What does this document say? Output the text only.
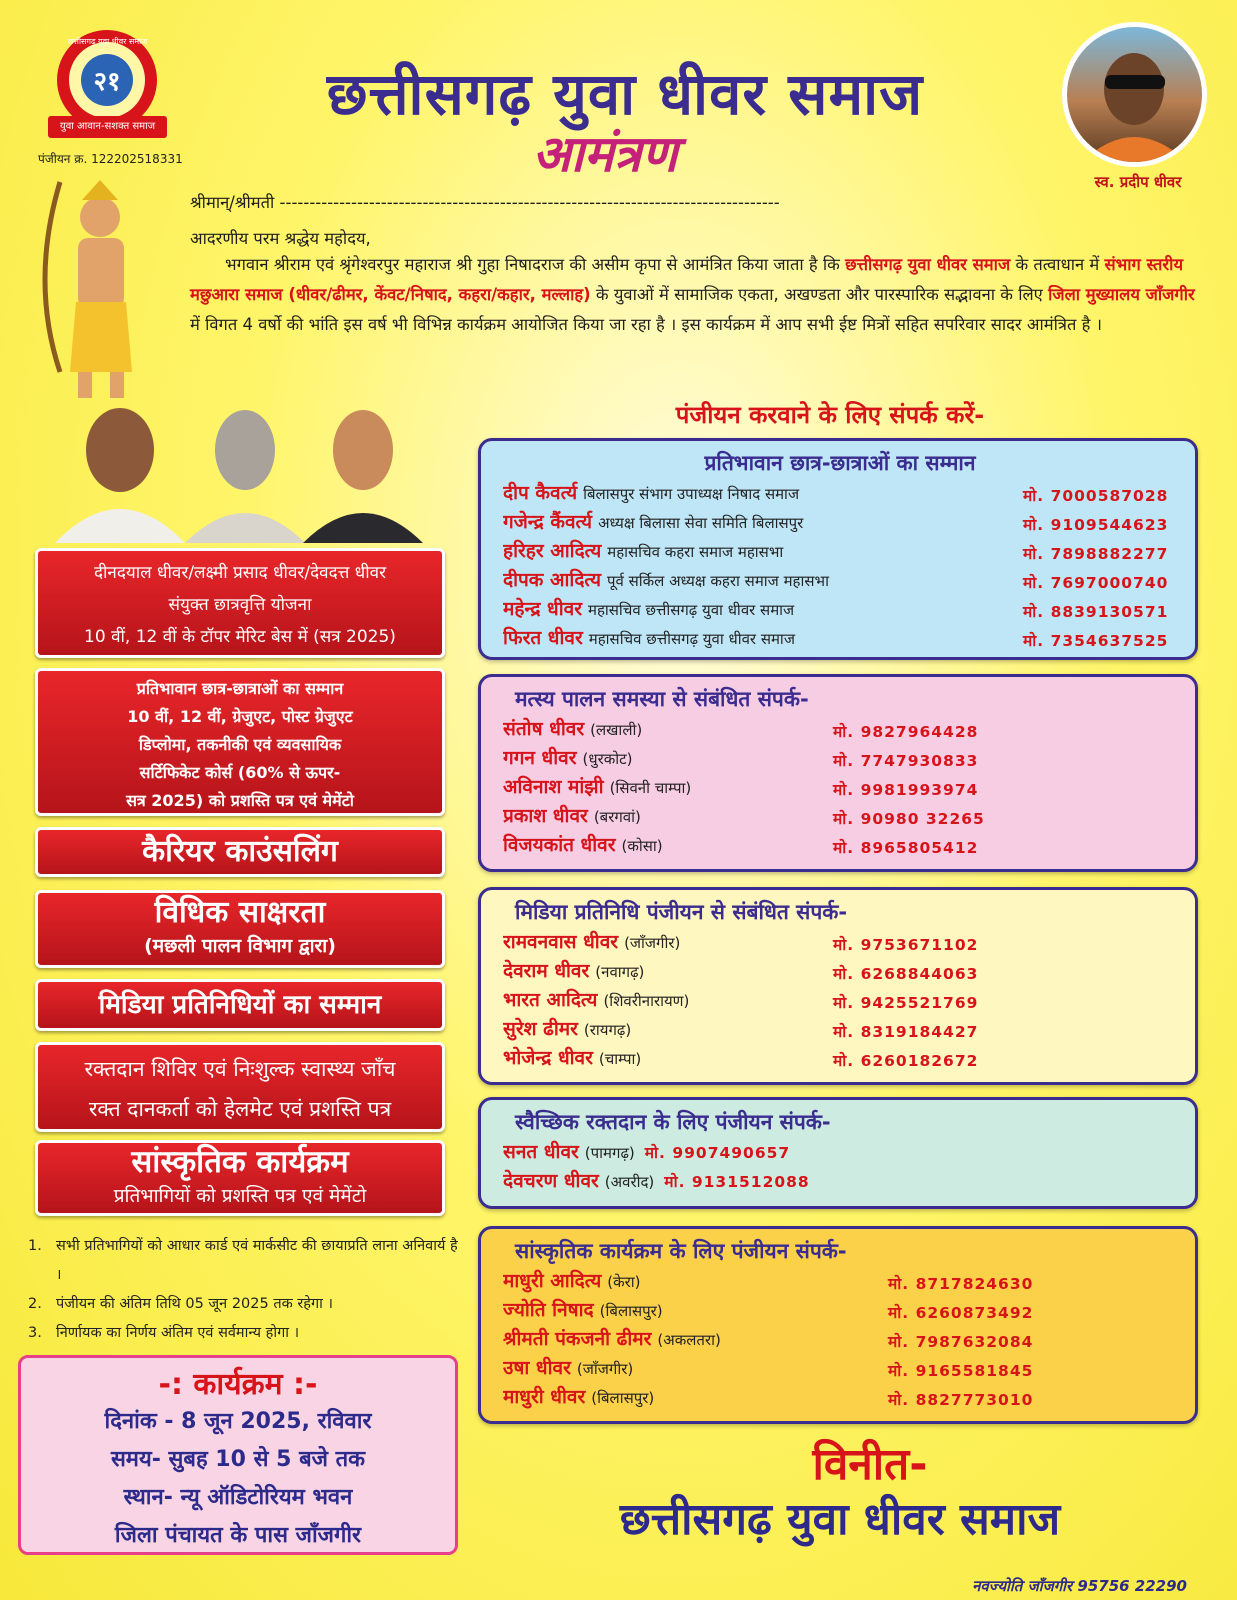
२१
युवा आवान-सशक्त समाज
छत्तीसगढ़ युवा धीवर समाज
पंजीयन क्र. 122202518331
छत्तीसगढ़ युवा धीवर समाज
आमंत्रण	स्व. प्रदीप धीवर
श्रीमान्/श्रीमती ------------------------------------------------------------------------------------
आदरणीय परम श्रद्धेय महोदय,
भगवान श्रीराम एवं श्रृंगेश्वरपुर महाराज श्री गुहा निषादराज की असीम कृपा से आमंत्रित किया जाता है कि छत्तीसगढ़ युवा धीवर समाज के तत्वाधान में संभाग स्तरीय मछुआरा समाज (धीवर/ढीमर, केंवट/निषाद, कहरा/कहार, मल्लाह) के युवाओं में सामाजिक एकता, अखण्डता और पारस्पारिक सद्भावना के लिए जिला मुख्यालय जाँजगीर में विगत 4 वर्षो की भांति इस वर्ष भी विभिन्न कार्यक्रम आयोजित किया जा रहा है । इस कार्यक्रम में आप सभी ईष्ट मित्रों सहित सपरिवार सादर आमंत्रित है ।
पंजीयन करवाने के लिए संपर्क करें-
दीनदयाल धीवर/लक्ष्मी प्रसाद धीवर/देवदत्त धीवर
संयुक्त छात्रवृत्ति योजना
10 वीं, 12 वीं के टॉपर मेरिट बेस में (सत्र 2025)
प्रतिभावान छात्र-छात्राओं का सम्मान
10 वीं, 12 वीं, ग्रेजुएट, पोस्ट ग्रेजुएट
डिप्लोमा, तकनीकी एवं व्यवसायिक
सर्टिफिकेट कोर्स (60% से ऊपर-
सत्र 2025) को प्रशस्ति पत्र एवं मेमेंटो
कैरियर काउंसलिंग
विधिक साक्षरता
(मछली पालन विभाग द्वारा)
मिडिया प्रतिनिधियों का सम्मान
रक्तदान शिविर एवं निःशुल्क स्वास्थ्य जाँच
रक्त दानकर्ता को हेलमेट एवं प्रशस्ति पत्र
सांस्कृतिक कार्यक्रम
प्रतिभागियों को प्रशस्ति पत्र एवं मेमेंटो
1. सभी प्रतिभागियों को आधार कार्ड एवं मार्कसीट की छायाप्रति लाना अनिवार्य है ।
2. पंजीयन की अंतिम तिथि 05 जून 2025 तक रहेगा ।
3. निर्णायक का निर्णय अंतिम एवं सर्वमान्य होगा ।
-: कार्यक्रम :-
दिनांक - 8 जून 2025, रविवार
समय- सुबह 10 से 5 बजे तक
स्थान- न्यू ऑडिटोरियम भवन
जिला पंचायत के पास जाँजगीर
प्रतिभावान छात्र-छात्राओं का सम्मान
दीप कैवर्त्य बिलासपुर संभाग उपाध्यक्ष निषाद समाज	मो. 7000587028
गजेन्द्र कैंवर्त्य अध्यक्ष बिलासा सेवा समिति बिलासपुर	मो. 9109544623
हरिहर आदित्य महासचिव कहरा समाज महासभा	मो. 7898882277
दीपक आदित्य पूर्व सर्किल अध्यक्ष कहरा समाज महासभा	मो. 7697000740
महेन्द्र धीवर महासचिव छत्तीसगढ़ युवा धीवर समाज	मो. 8839130571
फिरत धीवर महासचिव छत्तीसगढ़ युवा धीवर समाज	मो. 7354637525
मत्स्य पालन समस्या से संबंधित संपर्क-
संतोष धीवर (लखाली)	मो. 9827964428
गगन धीवर (धुरकोट)	मो. 7747930833
अविनाश मांझी (सिवनी चाम्पा)	मो. 9981993974
प्रकाश धीवर (बरगवां)	मो. 90980 32265
विजयकांत धीवर (कोसा)	मो. 8965805412
मिडिया प्रतिनिधि पंजीयन से संबंधित संपर्क-
रामवनवास धीवर (जाँजगीर)	मो. 9753671102
देवराम धीवर (नवागढ़)	मो. 6268844063
भारत आदित्य (शिवरीनारायण)	मो. 9425521769
सुरेश ढीमर (रायगढ़)	मो. 8319184427
भोजेन्द्र धीवर (चाम्पा)	मो. 6260182672
स्वैच्छिक रक्तदान के लिए पंजीयन संपर्क-
सनत धीवर (पामगढ़) मो. 9907490657
देवचरण धीवर (अवरीद) मो. 9131512088
सांस्कृतिक कार्यक्रम के लिए पंजीयन संपर्क-
माधुरी आदित्य (केरा)	मो. 8717824630
ज्योति निषाद (बिलासपुर)	मो. 6260873492
श्रीमती पंकजनी ढीमर (अकलतरा)	मो. 7987632084
उषा धीवर (जाँजगीर)	मो. 9165581845
माधुरी धीवर (बिलासपुर)	मो. 8827773010
विनीत-
छत्तीसगढ़ युवा धीवर समाज
नवज्योति जाँजगीर 95756 22290
